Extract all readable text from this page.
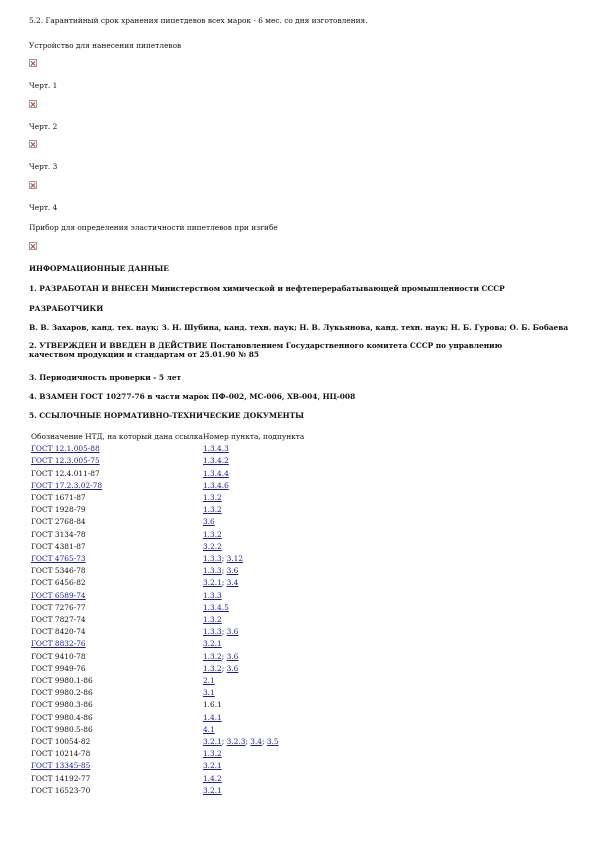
5.2. Гарантийный срок хранения пипетдевов всех марок - 6 мес. со дня изготовления.

Устройство для нанесения пипетлевов

Черт. 1

Черт. 2

Черт. 3

Черт. 4

Прибор для определения эластичности пипетлевов при изгибе

ИНФОРМАЦИОННЫЕ ДАННЫЕ

1. РАЗРАБОТАН И ВНЕСЕН Министерством химической и нефтеперерабатывающей промышленности СССР

РАЗРАБОТЧИКИ

В. В. Захаров, канд. тех. наук; З. Н. Шубина, канд. техн. наук; Н. В. Лукьянова, канд. техн. наук; Н. Б. Гурова; О. Б. Бобаева

2. УТВЕРЖДЕН И ВВЕДЕН В ДЕЙСТВИЕ Постановлением Государственного комитета СССР по управлению качеством продукции и стандартам от 25.01.90 № 85

3. Периодичность проверки - 5 лет

4. ВЗАМЕН ГОСТ 10277-76 в части марок ПФ-002, МС-006, ХВ-004, НЦ-008

5. ССЫЛОЧНЫЕ НОРМАТИВНО-ТЕХНИЧЕСКИЕ ДОКУМЕНТЫ

Обозначение НТД, на который дана ссылка	Номер пункта, подпункта
ГОСТ 12.1.005-88	1.3.4.3
ГОСТ 12.3.005-75	1.3.4.2
ГОСТ 12.4.011-87	1.3.4.4
ГОСТ 17.2.3.02-78	1.3.4.6
ГОСТ 1671-87	1.3.2
ГОСТ 1928-79	1.3.2
ГОСТ 2768-84	3.6
ГОСТ 3134-78	1.3.2
ГОСТ 4381-87	3.2.2
ГОСТ 4765-73	1.3.3; 3.12
ГОСТ 5346-78	1.3.3; 3.6
ГОСТ 6456-82	3.2.1; 3.4
ГОСТ 6589-74	1.3.3
ГОСТ 7276-77	1.3.4.5
ГОСТ 7827-74	1.3.2
ГОСТ 8420-74	1.3.3; 3.6
ГОСТ 8832-76	3.2.1
ГОСТ 9410-78	1.3.2; 3.6
ГОСТ 9949-76	1.3.2; 3.6
ГОСТ 9980.1-86	2.1
ГОСТ 9980.2-86	3.1
ГОСТ 9980.3-86	1.6.1
ГОСТ 9980.4-86	1.4.1
ГОСТ 9980.5-86	4.1
ГОСТ 10054-82	3.2.1; 3.2.3; 3.4; 3.5
ГОСТ 10214-78	1.3.2
ГОСТ 13345-85	3.2.1
ГОСТ 14192-77	1.4.2
ГОСТ 16523-70	3.2.1
